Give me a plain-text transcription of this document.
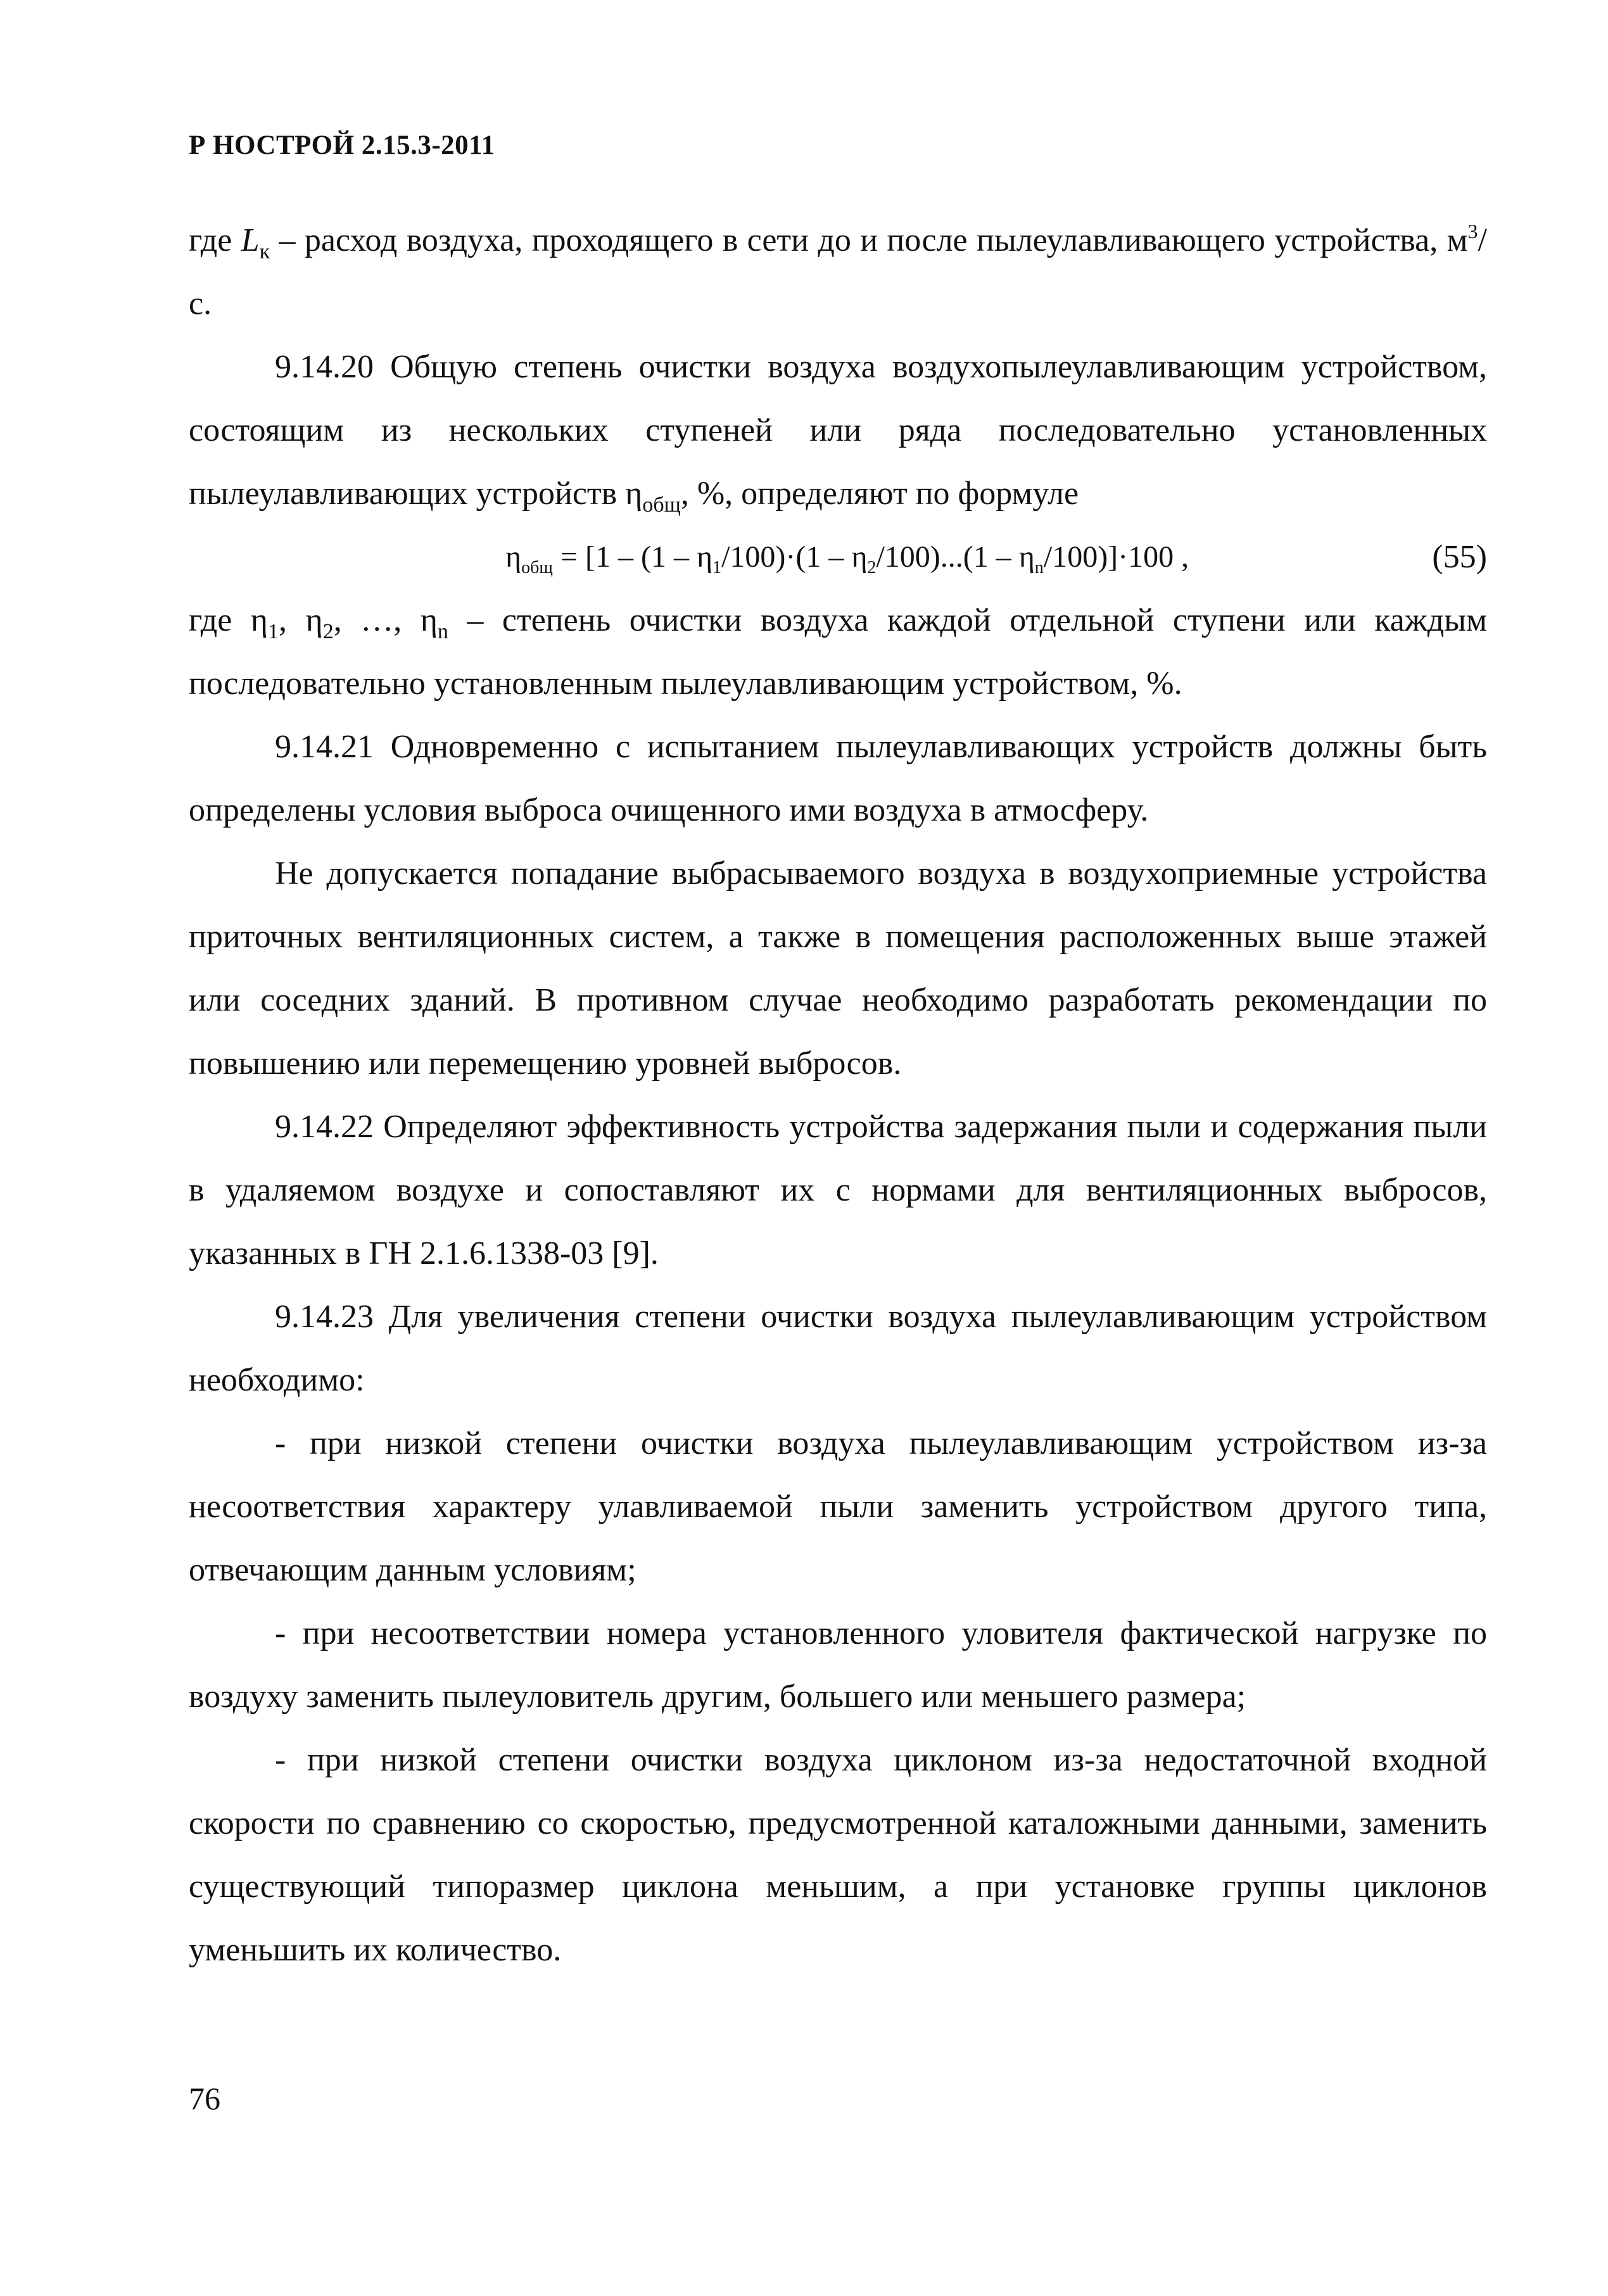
Р НОСТРОЙ 2.15.3-2011

где $L_к$ – расход воздуха, проходящего в сети до и после пылеулавливающего устройства, $м^3/с$.

9.14.20 Общую степень очистки воздуха воздухопылеулавливающим устройством, состоящим из нескольких ступеней или ряда последовательно установленных пылеулавливающих устройств $\eta_{общ}$, %, определяют по формуле

$\eta_{общ} = [1 - (1 - \eta_1/100)\cdot(1 - \eta_2/100)...(1 - \eta_n/100)]\cdot 100$ ,	(55)

где $\eta_1$, $\eta_2$, …, $\eta_n$ – степень очистки воздуха каждой отдельной ступени или каждым последовательно установленным пылеулавливающим устройством, %.

9.14.21 Одновременно с испытанием пылеулавливающих устройств должны быть определены условия выброса очищенного ими воздуха в атмосферу.

Не допускается попадание выбрасываемого воздуха в воздухоприемные устройства приточных вентиляционных систем, а также в помещения расположенных выше этажей или соседних зданий. В противном случае необходимо разработать рекомендации по повышению или перемещению уровней выбросов.

9.14.22 Определяют эффективность устройства задержания пыли и содержания пыли в удаляемом воздухе и сопоставляют их с нормами для вентиляционных выбросов, указанных в ГН 2.1.6.1338-03 [9].

9.14.23 Для увеличения степени очистки воздуха пылеулавливающим устройством необходимо:

- при низкой степени очистки воздуха пылеулавливающим устройством из-за несоответствия характеру улавливаемой пыли заменить устройством другого типа, отвечающим данным условиям;

- при несоответствии номера установленного уловителя фактической нагрузке по воздуху заменить пылеуловитель другим, большего или меньшего размера;

- при низкой степени очистки воздуха циклоном из-за недостаточной входной скорости по сравнению со скоростью, предусмотренной каталожными данными, заменить существующий типоразмер циклона меньшим, а при установке группы циклонов уменьшить их количество.

76
